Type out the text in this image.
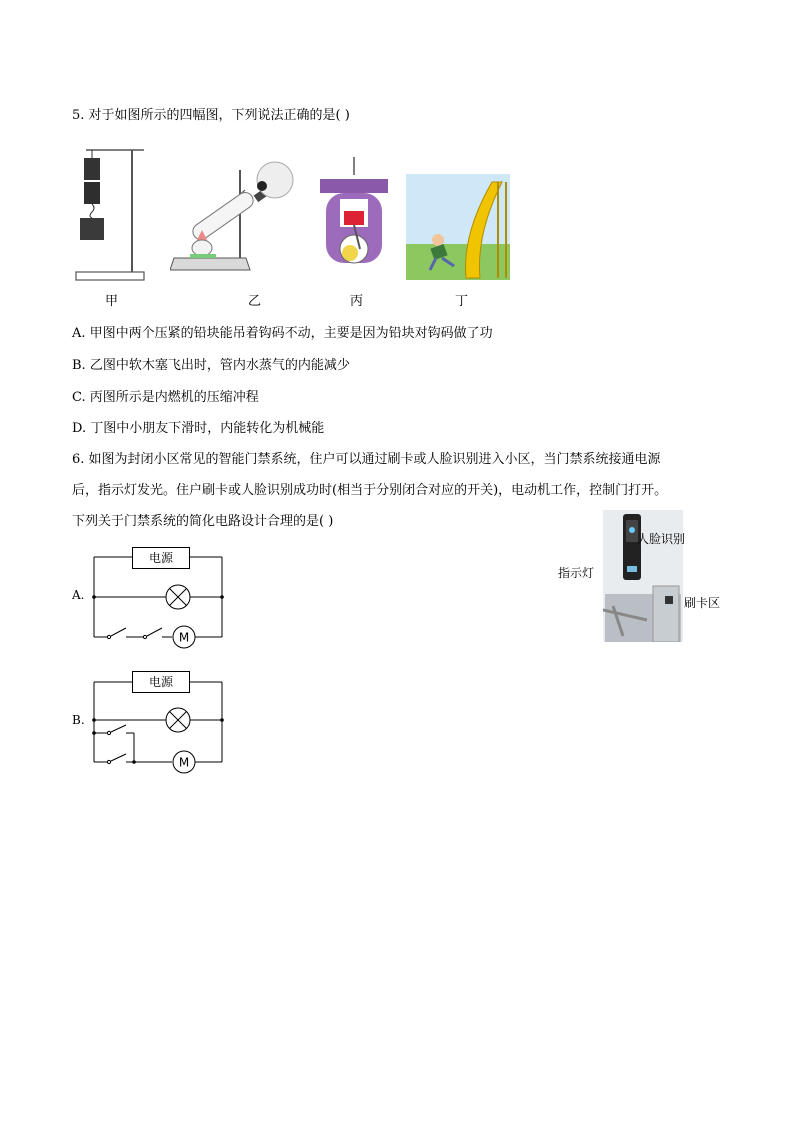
5. 对于如图所示的四幅图，下列说法正确的是( )
甲	乙	丙	丁
A. 甲图中两个压紧的铅块能吊着钩码不动，主要是因为铅块对钩码做了功
B. 乙图中软木塞飞出时，管内水蒸气的内能减少
C. 丙图所示是内燃机的压缩冲程
D. 丁图中小朋友下滑时，内能转化为机械能
6. 如图为封闭小区常见的智能门禁系统，住户可以通过刷卡或人脸识别进入小区，当门禁系统接通电源
后，指示灯发光。住户刷卡或人脸识别成功时(相当于分别闭合对应的开关)，电动机工作，控制门打开。
下列关于门禁系统的简化电路设计合理的是( )
人脸识别
指示灯
刷卡区
A.
M
电源
B.
M
电源
